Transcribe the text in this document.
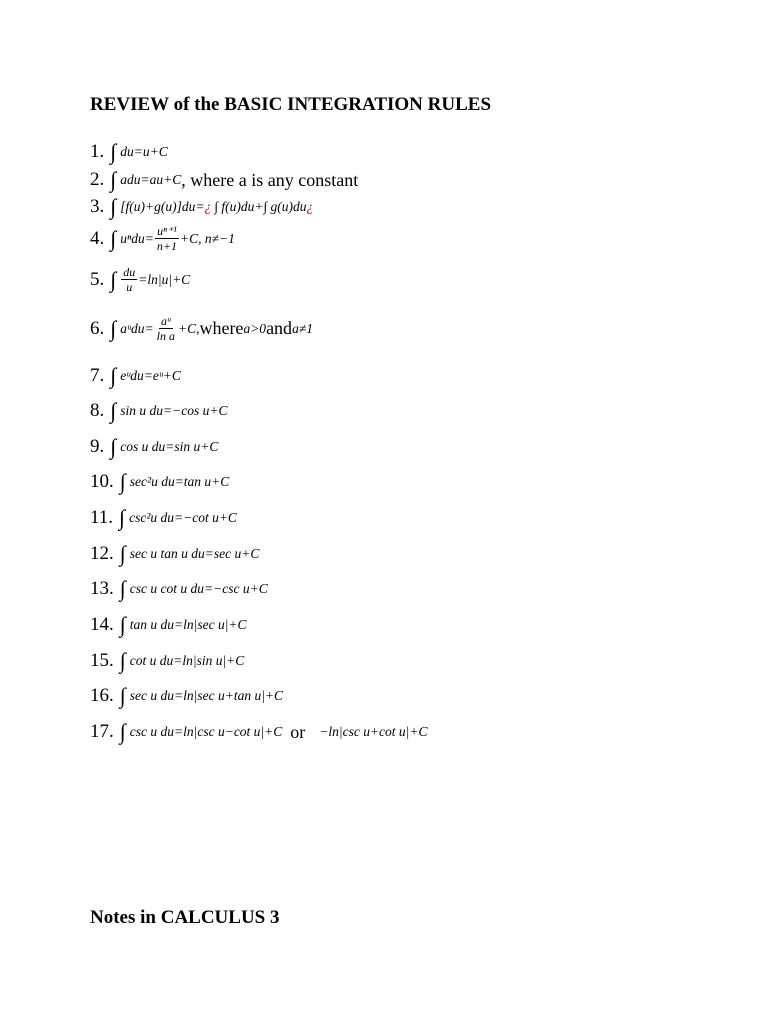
REVIEW of the BASIC INTEGRATION RULES
1. ∫ du=u+C
2. ∫ adu=au+C , where a is any constant
3. ∫ [f(u)+g(u)]du= ¿ ∫ f(u)du+∫ g(u)du ¿
4. ∫ $u^ndu= \frac{\text{uⁿ⁺¹}}{n+1} +C$, n≠−1
5. ∫ $\frac{du}{u} =\ln|u|+C$
6. ∫ aᵘdu= $\frac{\text{aᵘ}}{\text{ln a}} +C$, where a>0 and a≠1
7. ∫ eᵘdu=eᵘ+C
8. ∫ sin u du=−cos u+C
9. ∫ cos u du=sin u+C
10. ∫ sec²u du=tan u+C
11. ∫ csc²u du=−cot u+C
12. ∫ sec u tan u du=sec u+C
13. ∫ csc u cot u du=−csc u+C
14. ∫ tan u du=ln|sec u|+C
15. ∫ cot u du=ln|sin u|+C
16. ∫ sec u du=ln|sec u+tan u|+C
17. ∫ csc u du=ln|csc u−cot u|+C or −ln|csc u+cot u|+C
Notes in CALCULUS 3
